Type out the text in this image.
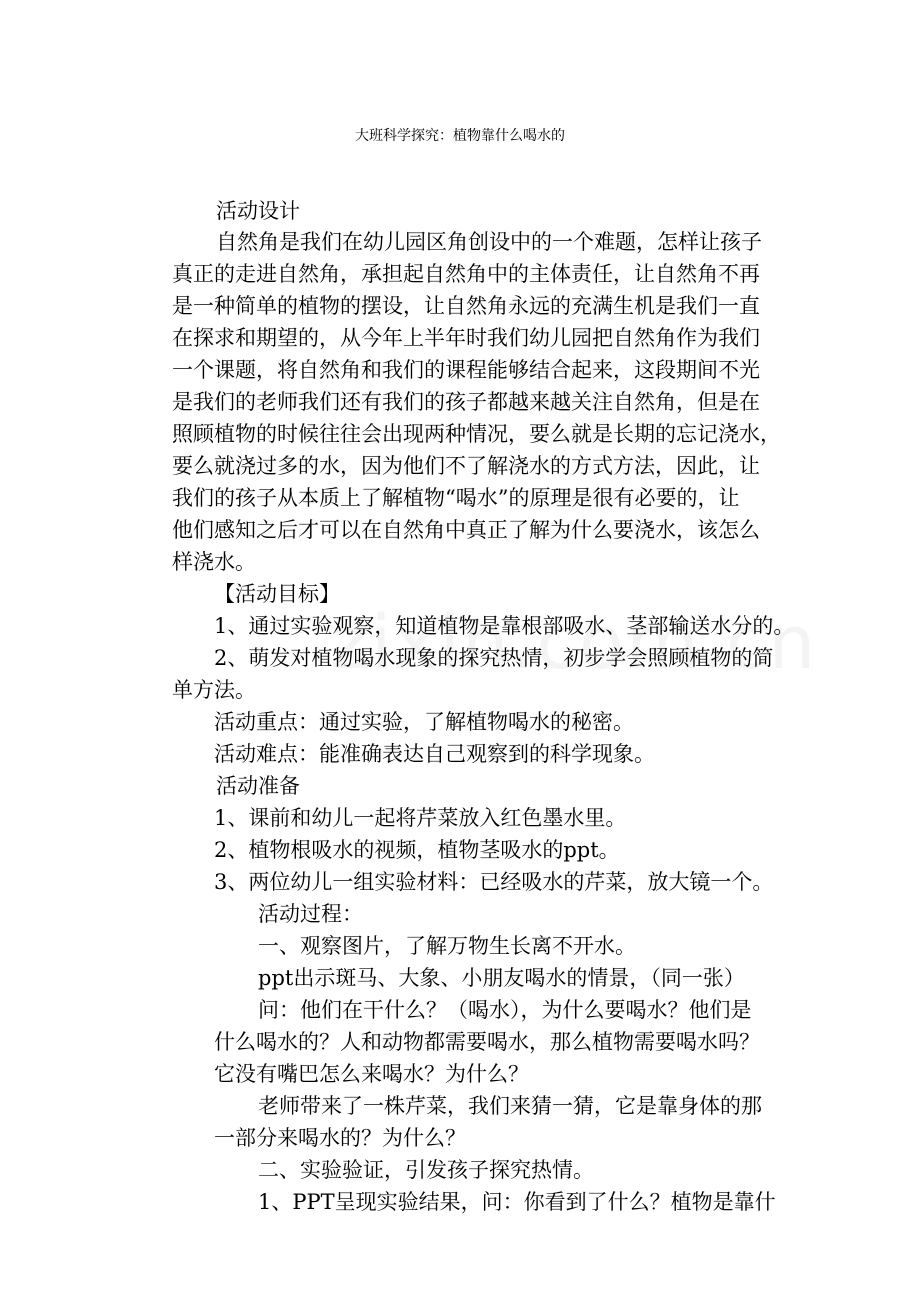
大班科学探究：植物靠什么喝水的
活动设计
自然角是我们在幼儿园区角创设中的一个难题，怎样让孩子
真正的走进自然角，承担起自然角中的主体责任，让自然角不再
是一种简单的植物的摆设，让自然角永远的充满生机是我们一直
在探求和期望的，从今年上半年时我们幼儿园把自然角作为我们
一个课题，将自然角和我们的课程能够结合起来，这段期间不光
是我们的老师我们还有我们的孩子都越来越关注自然角，但是在
照顾植物的时候往往会出现两种情况，要么就是长期的忘记浇水，
要么就浇过多的水，因为他们不了解浇水的方式方法，因此，让
我们的孩子从本质上了解植物“喝水”的原理是很有必要的，让
他们感知之后才可以在自然角中真正了解为什么要浇水，该怎么
样浇水。
【活动目标】
1、通过实验观察，知道植物是靠根部吸水、茎部输送水分的。
2、萌发对植物喝水现象的探究热情，初步学会照顾植物的简
单方法。
活动重点：通过实验，了解植物喝水的秘密。
活动难点：能准确表达自己观察到的科学现象。
活动准备
1、课前和幼儿一起将芹菜放入红色墨水里。
2、植物根吸水的视频，植物茎吸水的ppt。
3、两位幼儿一组实验材料：已经吸水的芹菜，放大镜一个。
活动过程：
一、观察图片，了解万物生长离不开水。
ppt出示斑马、大象、小朋友喝水的情景，（同一张）
问：他们在干什么？（喝水），为什么要喝水？他们是
什么喝水的？人和动物都需要喝水，那么植物需要喝水吗？
它没有嘴巴怎么来喝水？为什么？
老师带来了一株芹菜，我们来猜一猜，它是靠身体的那
一部分来喝水的？为什么？
二、实验验证，引发孩子探究热情。
1、PPT呈现实验结果，问：你看到了什么？植物是靠什
